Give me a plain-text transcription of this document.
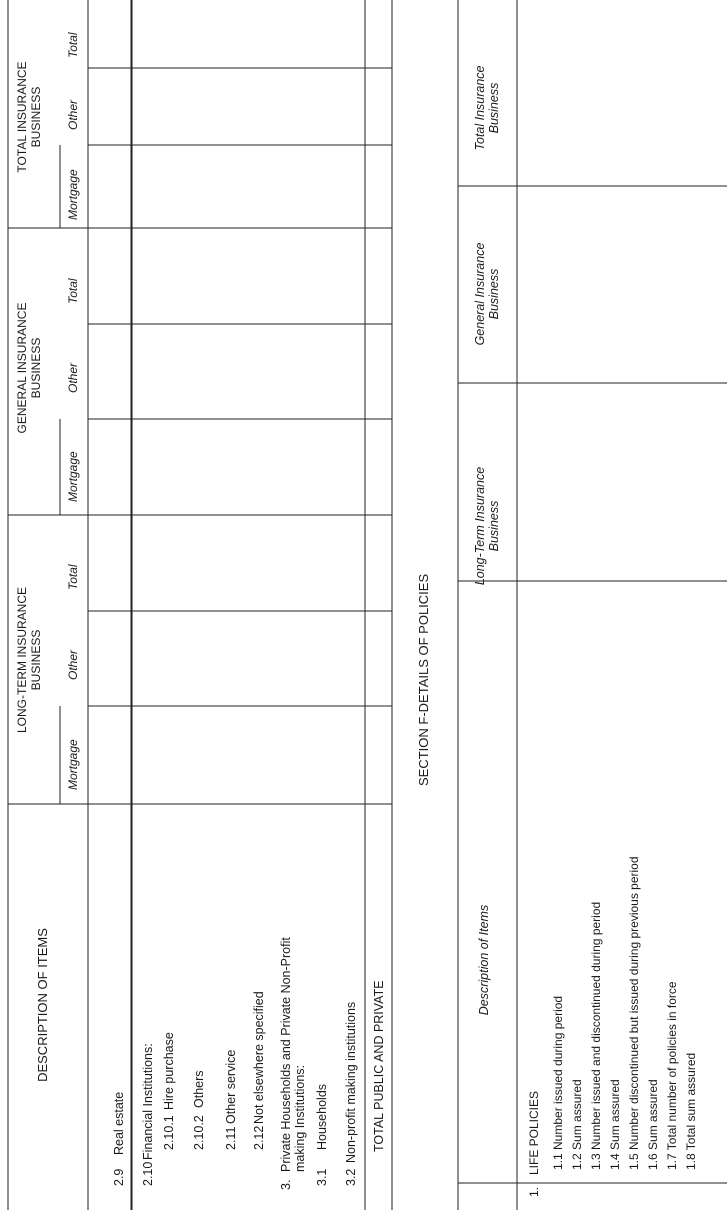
DESCRIPTION OF ITEMS
LONG-TERM INSURANCE BUSINESS
GENERAL INSURANCE BUSINESS
TOTAL INSURANCE BUSINESS
Mortgage
Other
Total
Mortgage
Other
Total
Mortgage
Other
Total
2.9
Real estate
2.10
Financial Institutions: 2.10.1
Hire purchase
2.10.2
Others
2.11
Other service
2.12
Not elsewhere specified
3.
Private Households and Private Non-Profit making Institutions:
3.1
Households
3.2
Non-profit making institutions TOTAL PUBLIC AND PRIVATE
SECTION F-DETAILS OF POLICIES
Description of Items
Long-Term Insurance Business
General Insurance Business
Total Insurance Business
1.
LIFE POLICIES 1.1 Number issued during period 1.2 Sum assured 1.3 Number issued and discontinued during period 1.4 Sum assured 1.5 Number discontinued but issued during previous period 1.6 Sum assured 1.7 Total number of policies in force 1.8 Total sum assured
